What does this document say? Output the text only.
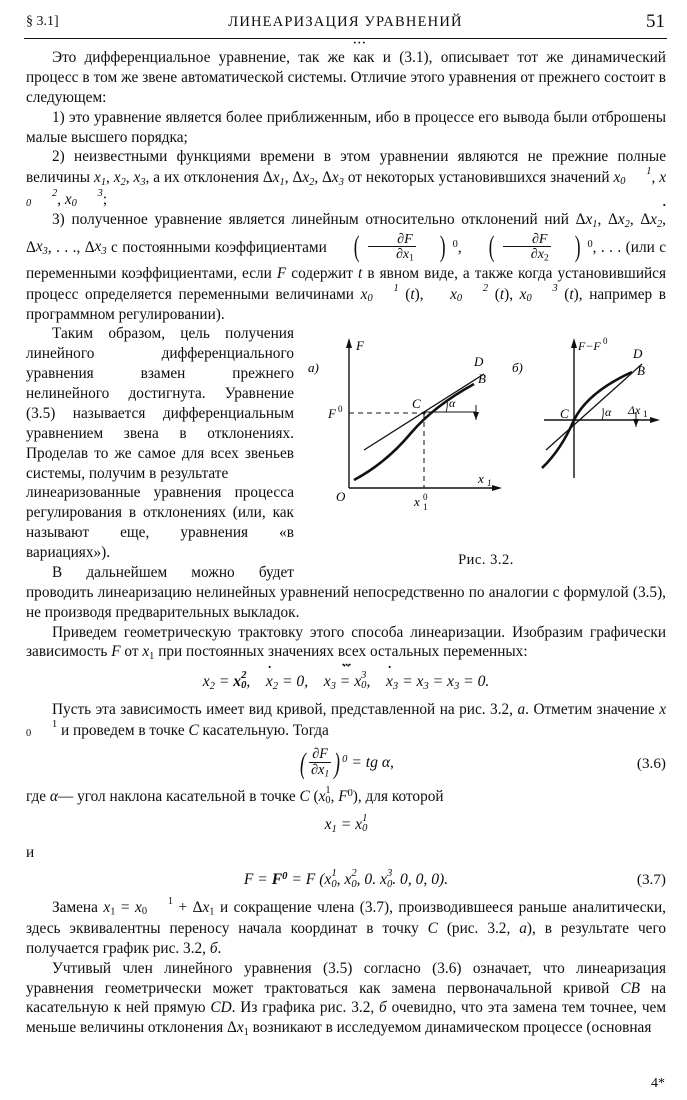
§ 3.1]	ЛИНЕАРИЗАЦИЯ УРАВНЕНИЙ	51

Это дифференциальное уравнение, так же как и (3.1), описывает тот же динамический процесс в том же звене автоматической системы. Отличие этого уравнения от прежнего состоит в следующем:

1) это уравнение является более приближенным, ибо в процессе его вывода были отброшены малые высшего порядка;

2) неизвестными функциями времени в этом уравнении являются не прежние полные величины $x_1$, $x_2$, $x_3$, а их отклонения $\Delta x_1$, $\Delta x_2$, $\Delta x_3$ от некоторых установившихся значений x 1
0 , x2
0 , x 3
0 ;

3) полученное уравнение является линейным относительно отклонений ний $\Delta x_1$, $\Delta x_2$, $\Delta x_2$ ·, $\Delta x_3$, . . ., $\Delta x_3$ ··· с постоянными коэффициентами ( $\frac{\partial F}{\partial x_1}$ ) $^0$, ( $\frac{\partial F}{\partial x_2}$ ) $^0$, . . . (или с переменными коэффициентами, если F содержит t в явном виде, а также когда установившийся процесс определяется переменными величинами x 1
0 (t),    x 2
0 (t), x 3
0 (t), например в программном регулировании).

а)
F
x 1
O
α
D
B
C
F 0
x 1
0
б)
F−F 0
Δx 1
α
D
B
C
Рис. 3.2.

Таким образом, цель получения линейного дифференциального уравнения взамен прежнего нелинейного достигнута. Уравнение (3.5) называется дифференциальным уравнением звена в отклонениях. Проделав то же самое для всех звеньев системы, получим в результате

линеаризованные уравнения процесса регулирования в отклонениях (или, как называют еще, уравнения «в вариациях»).

В дальнейшем можно будет проводить линеаризацию нелинейных уравнений непосредственно по аналогии с формулой (3.5), не производя предварительных выкладок.

Приведем геометрическую трактовку этого способа линеаризации. Изобразим графически зависимость F от $x_1$ при постоянных значениях всех остальных переменных:

$x_2 = x2$
0,    $x \cdot_2 = 0$,    $x_3 = x3$
0,    $x \cdot_3 = x \cdot\cdot_3 = x \cdot\cdot\cdot_3 = 0$.

Пусть эта зависимость имеет вид кривой, представленной на рис. 3.2, а. Отметим значение x1
0 и проведем в точке C касательную. Тогда

( $\frac{\partial F}{\partial x_1}$ ) $^0$ = tg α,	(3.6)

где α— угол наклона касательной в точке C (x1
0, $F^0$), для которой

$x_1 = x1$
0

и

$F = F^0 = F$ (x1
0, x2
0, 0. x3
0. 0, 0, 0).	(3.7)

Замена $x_1 = x$ 1
$0 + \Delta x_1$ и сокращение члена (3.7), производившееся раньше аналитически, здесь эквивалентны переносу начала координат в точку C (рис. 3.2, а), в результате чего получается график рис. 3.2, б.

Учтивый член линейного уравнения (3.5) согласно (3.6) означает, что линеаризация уравнения геометрически может трактоваться как замена первоначальной кривой CB на касательную к ней прямую CD. Из графика рис. 3.2, б очевидно, что эта замена тем точнее, чем меньше величины отклонения $\Delta x_1$ возникают в исследуемом динамическом процессе (основная

4*
